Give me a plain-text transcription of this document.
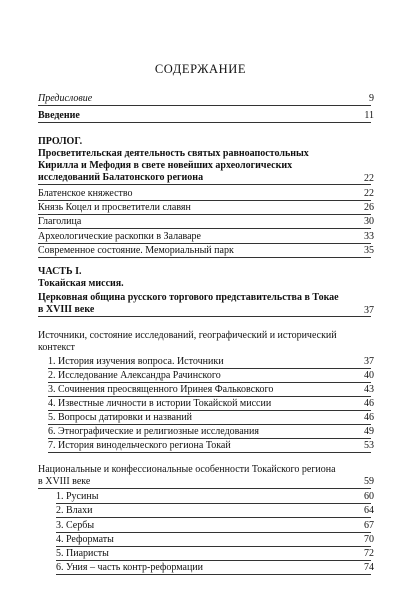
СОДЕРЖАНИЕ
Предисловие	9
Введение	11
ПРОЛОГ.
Просветительская деятельность святых равноапостольных
Кирилла и Мефодия в свете новейших археологических
исследований Балатонского региона	22
Блатенское княжество	22
Князь Коцел и просветители славян	26
Глаголица	30
Археологические раскопки в Залаваре	33
Современное состояние. Мемориальный парк	35
ЧАСТЬ I.
Токайская миссия.
Церковная община русского торгового представительства в Токае
в XVIII веке	37
Источники, состояние исследований, географический и исторический
контекст
1. История изучения вопроса. Источники	37
2. Исследование Александра Рачинского	40
3. Сочинения преосвященного Иринея Фальковского	43
4. Известные личности в истории Токайской миссии	46
5. Вопросы датировки и названий	46
6. Этнографические и религиозные исследования	49
7. История винодельческого региона Токай	53
Национальные и конфессиональные особенности Токайского региона
в XVIII веке	59
1. Русины	60
2. Влахи	64
3. Сербы	67
4. Реформаты	70
5. Пиаристы	72
6. Уния – часть контр-реформации	74
